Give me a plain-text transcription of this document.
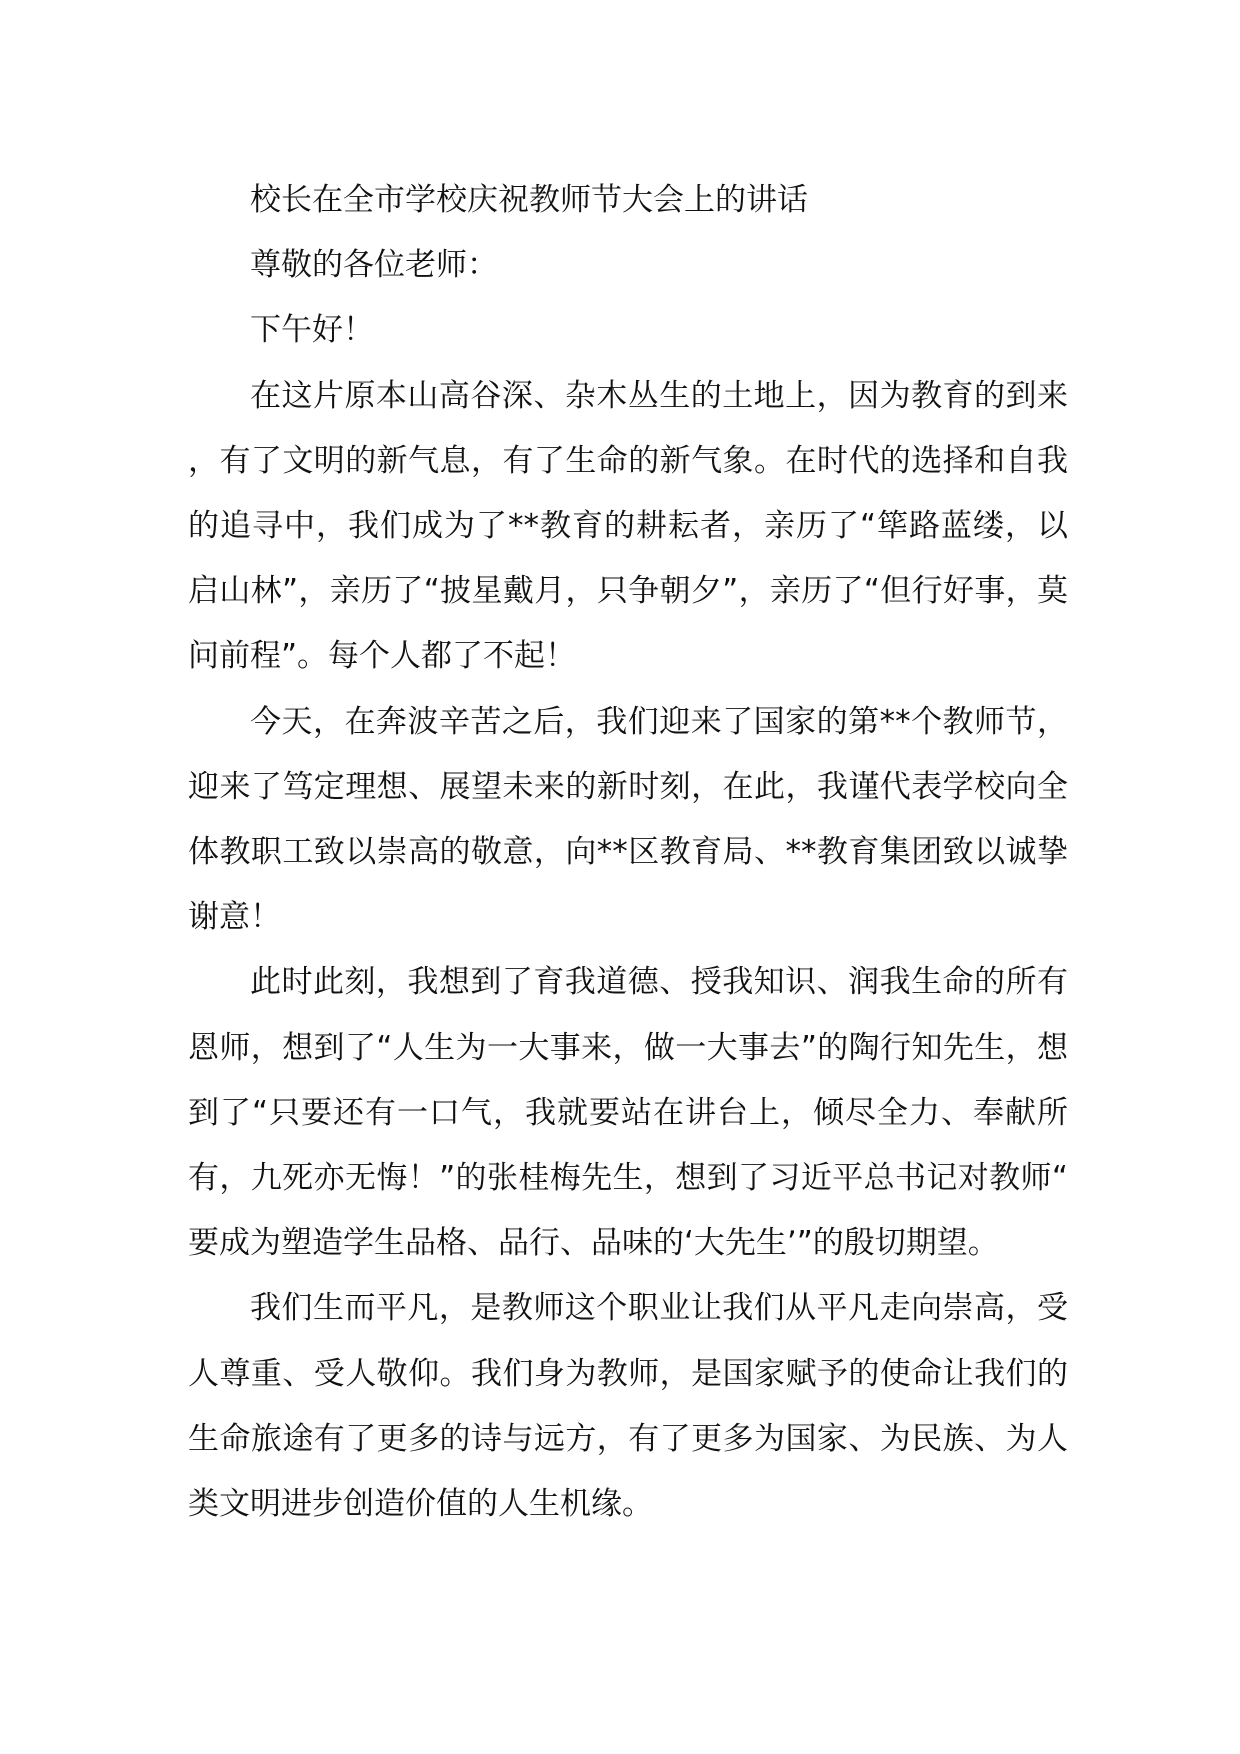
校长在全市学校庆祝教师节大会上的讲话

尊敬的各位老师：

下午好！

在这片原本山高谷深、杂木丛生的土地上，因为教育的到来，有了文明的新气息，有了生命的新气象。在时代的选择和自我的追寻中，我们成为了**教育的耕耘者，亲历了“筚路蓝缕，以启山林”，亲历了“披星戴月，只争朝夕”，亲历了“但行好事，莫问前程”。每个人都了不起！

今天，在奔波辛苦之后，我们迎来了国家的第**个教师节，迎来了笃定理想、展望未来的新时刻，在此，我谨代表学校向全体教职工致以崇高的敬意，向**区教育局、**教育集团致以诚挚谢意！

此时此刻，我想到了育我道德、授我知识、润我生命的所有恩师，想到了“人生为一大事来，做一大事去”的陶行知先生，想到了“只要还有一口气，我就要站在讲台上，倾尽全力、奉献所有，九死亦无悔！”的张桂梅先生，想到了习近平总书记对教师“要成为塑造学生品格、品行、品味的‘大先生’”的殷切期望。

我们生而平凡，是教师这个职业让我们从平凡走向崇高，受人尊重、受人敬仰。我们身为教师，是国家赋予的使命让我们的生命旅途有了更多的诗与远方，有了更多为国家、为民族、为人类文明进步创造价值的人生机缘。
